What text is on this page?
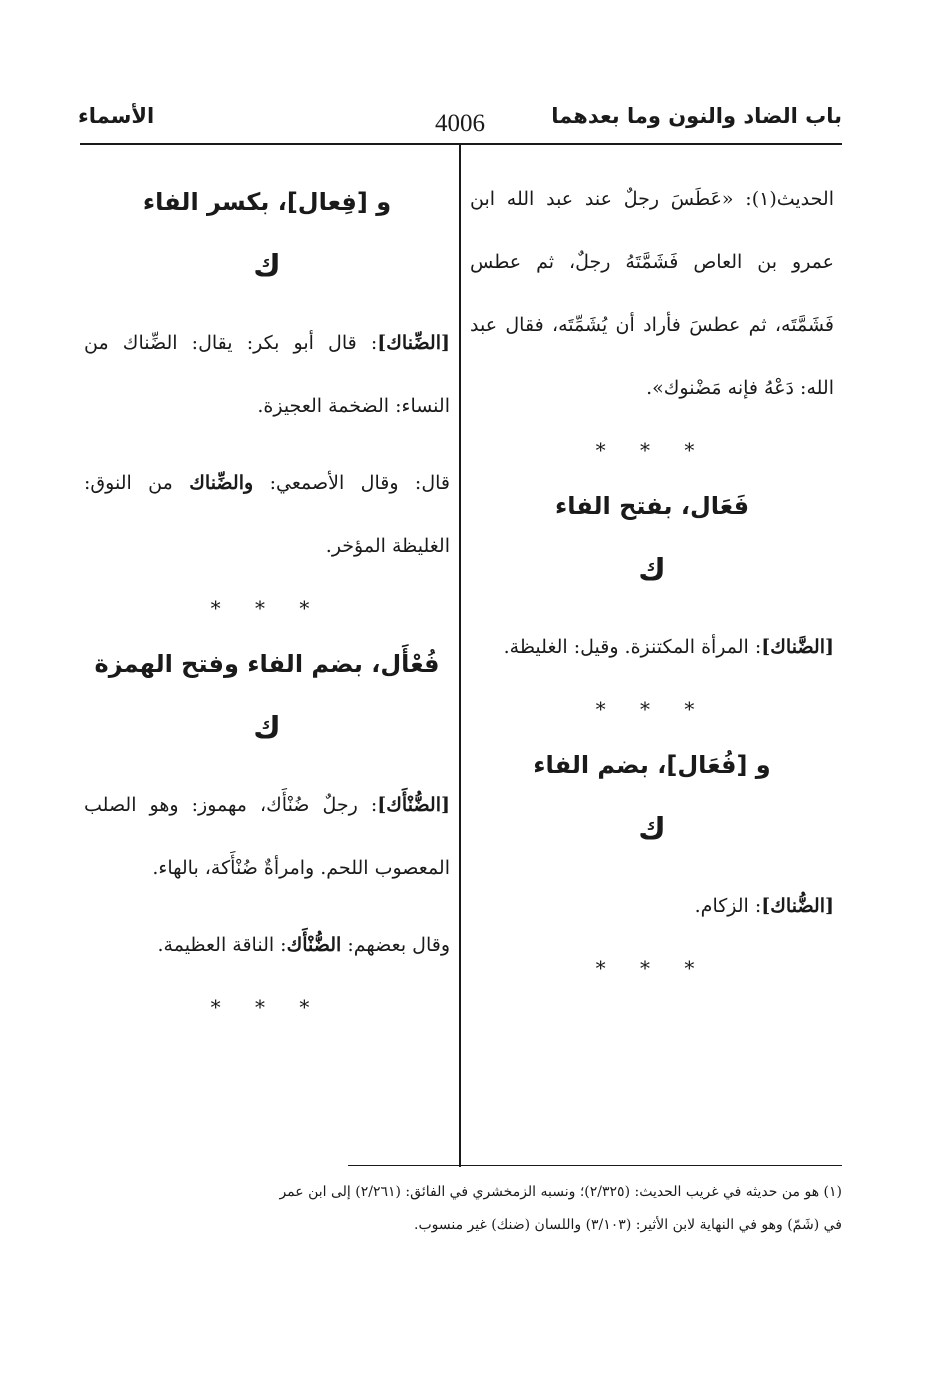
باب الضاد والنون وما بعدهما
4006
الأسماء

الحديث(١): «عَطَسَ رجلٌ عند عبد الله ابن عمرو بن العاص فَشَمَّتَهُ رجلٌ، ثم عطس فَشَمَّتَه، ثم عطسَ فأراد أن يُشَمِّتَه، فقال عبد الله: دَعْهُ فإنه مَضْنوك».

* * *
فَعَال، بفتح الفاء
ك

[الضَّناك]: المرأة المكتنزة. وقيل: الغليظة.

* * *
و [فُعَال]، بضم الفاء
ك

[الضُّناك]: الزكام.

* * *
و [فِعال]، بكسر الفاء
ك

[الضِّناك]: قال أبو بكر: يقال: الضِّناك من النساء: الضخمة العجيزة.

قال: وقال الأصمعي: والضِّناك من النوق: الغليظة المؤخر.

* * *
فُعْأَل، بضم الفاء وفتح الهمزة
ك

[الضُّنْأَك]: رجلٌ ضُنْأَك، مهموز: وهو الصلب المعصوب اللحم. وامرأةٌ ضُنْأَكة، بالهاء.

وقال بعضهم: الضُّنْأَك: الناقة العظيمة.

* * *

(١) هو من حديثه في غريب الحديث: (٢/٣٢٥)؛ ونسبه الزمخشري في الفائق: (٢/٢٦١) إلى ابن عمر

في (شَمّ) وهو في النهاية لابن الأثير: (٣/١٠٣) واللسان (ضنك) غير منسوب.
